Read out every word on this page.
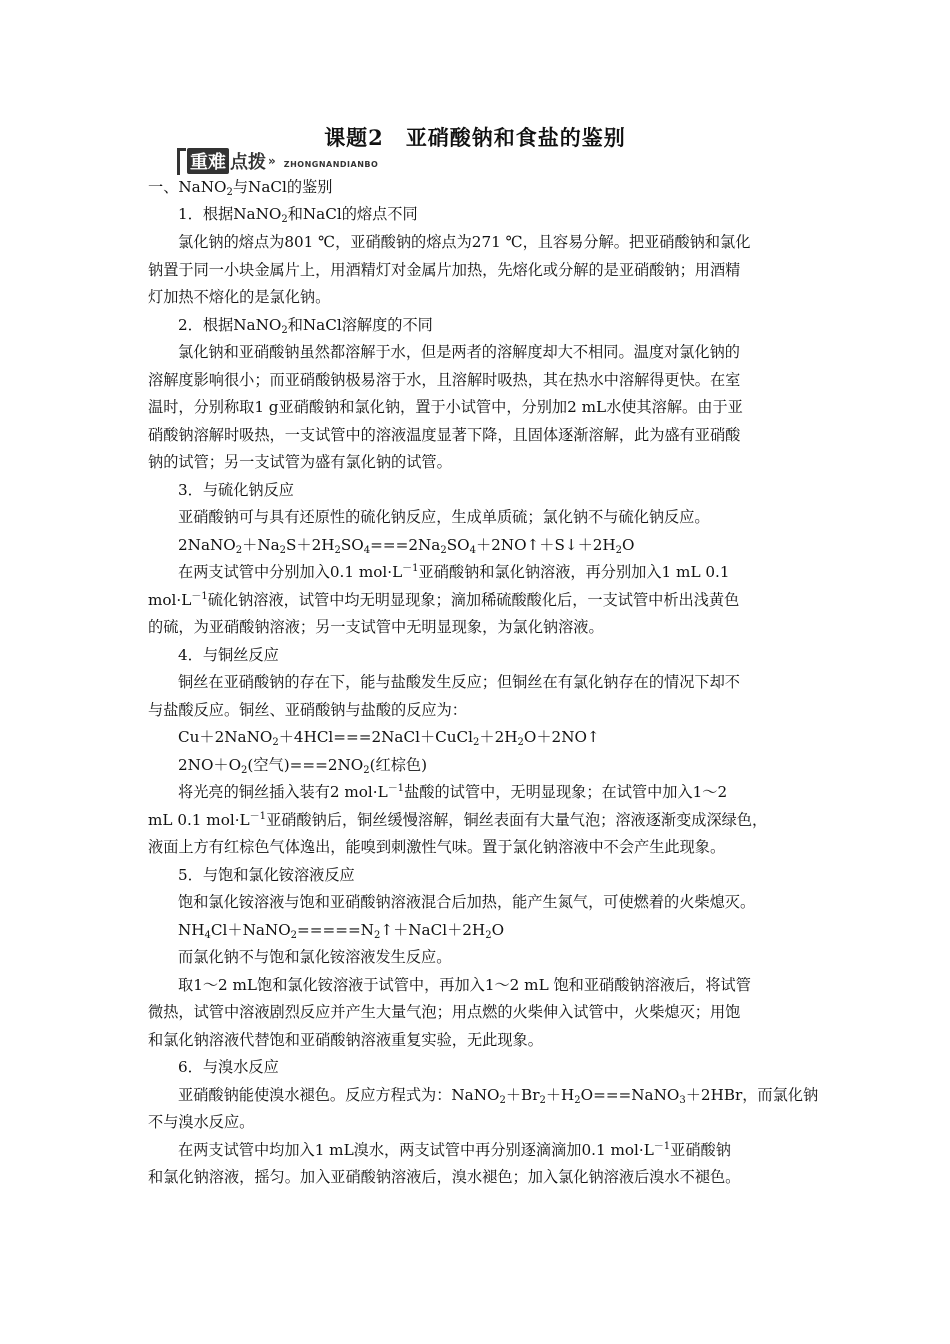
课题2 亚硝酸钠和食盐的鉴别
重难 点拨 » ZHONGNANDIANBO
一、NaNO$_2$与NaCl的鉴别
1．根据NaNO$_2$和NaCl的熔点不同
氯化钠的熔点为801 ℃，亚硝酸钠的熔点为271 ℃，且容易分解。把亚硝酸钠和氯化
钠置于同一小块金属片上，用酒精灯对金属片加热，先熔化或分解的是亚硝酸钠；用酒精
灯加热不熔化的是氯化钠。
2．根据NaNO$_2$和NaCl溶解度的不同
氯化钠和亚硝酸钠虽然都溶解于水，但是两者的溶解度却大不相同。温度对氯化钠的
溶解度影响很小；而亚硝酸钠极易溶于水，且溶解时吸热，其在热水中溶解得更快。在室
温时，分别称取1 g亚硝酸钠和氯化钠，置于小试管中，分别加2 mL水使其溶解。由于亚
硝酸钠溶解时吸热，一支试管中的溶液温度显著下降，且固体逐渐溶解，此为盛有亚硝酸
钠的试管；另一支试管为盛有氯化钠的试管。
3．与硫化钠反应
亚硝酸钠可与具有还原性的硫化钠反应，生成单质硫；氯化钠不与硫化钠反应。
$2NaNO_2+Na_2S+2H_2SO_4===2Na_2SO_4+2NO↑+S↓+2H_2O$
在两支试管中分别加入0.1 $mol\cdot L^{-1}$亚硝酸钠和氯化钠溶液，再分别加入1 mL 0.1
$mol\cdot L^{-1}$硫化钠溶液，试管中均无明显现象；滴加稀硫酸酸化后，一支试管中析出浅黄色
的硫，为亚硝酸钠溶液；另一支试管中无明显现象，为氯化钠溶液。
4．与铜丝反应
铜丝在亚硝酸钠的存在下，能与盐酸发生反应；但铜丝在有氯化钠存在的情况下却不
与盐酸反应。铜丝、亚硝酸钠与盐酸的反应为：
$Cu+2NaNO_2+4HCl===2NaCl+CuCl_2+2H_2O+2NO↑$
$2NO+O_2$(空气)$===2NO_2$(红棕色)
将光亮的铜丝插入装有2 $mol\cdot L^{-1}$盐酸的试管中，无明显现象；在试管中加入1～2
mL 0.1 $mol\cdot L^{-1}$亚硝酸钠后，铜丝缓慢溶解，铜丝表面有大量气泡；溶液逐渐变成深绿色，
液面上方有红棕色气体逸出，能嗅到刺激性气味。置于氯化钠溶液中不会产生此现象。
5．与饱和氯化铵溶液反应
饱和氯化铵溶液与饱和亚硝酸钠溶液混合后加热，能产生氮气，可使燃着的火柴熄灭。
$NH_4Cl+NaNO_2=====N_2↑+NaCl+2H_2O$
而氯化钠不与饱和氯化铵溶液发生反应。
取1～2 mL饱和氯化铵溶液于试管中，再加入1～2 mL 饱和亚硝酸钠溶液后，将试管
微热，试管中溶液剧烈反应并产生大量气泡；用点燃的火柴伸入试管中，火柴熄灭；用饱
和氯化钠溶液代替饱和亚硝酸钠溶液重复实验，无此现象。
6．与溴水反应
亚硝酸钠能使溴水褪色。反应方程式为：$NaNO_2+Br_2+H_2O===NaNO_3+2HBr$，而氯化钠
不与溴水反应。
在两支试管中均加入1 mL溴水，两支试管中再分别逐滴滴加0.1 $mol\cdot L^{-1}$亚硝酸钠
和氯化钠溶液，摇匀。加入亚硝酸钠溶液后，溴水褪色；加入氯化钠溶液后溴水不褪色。
